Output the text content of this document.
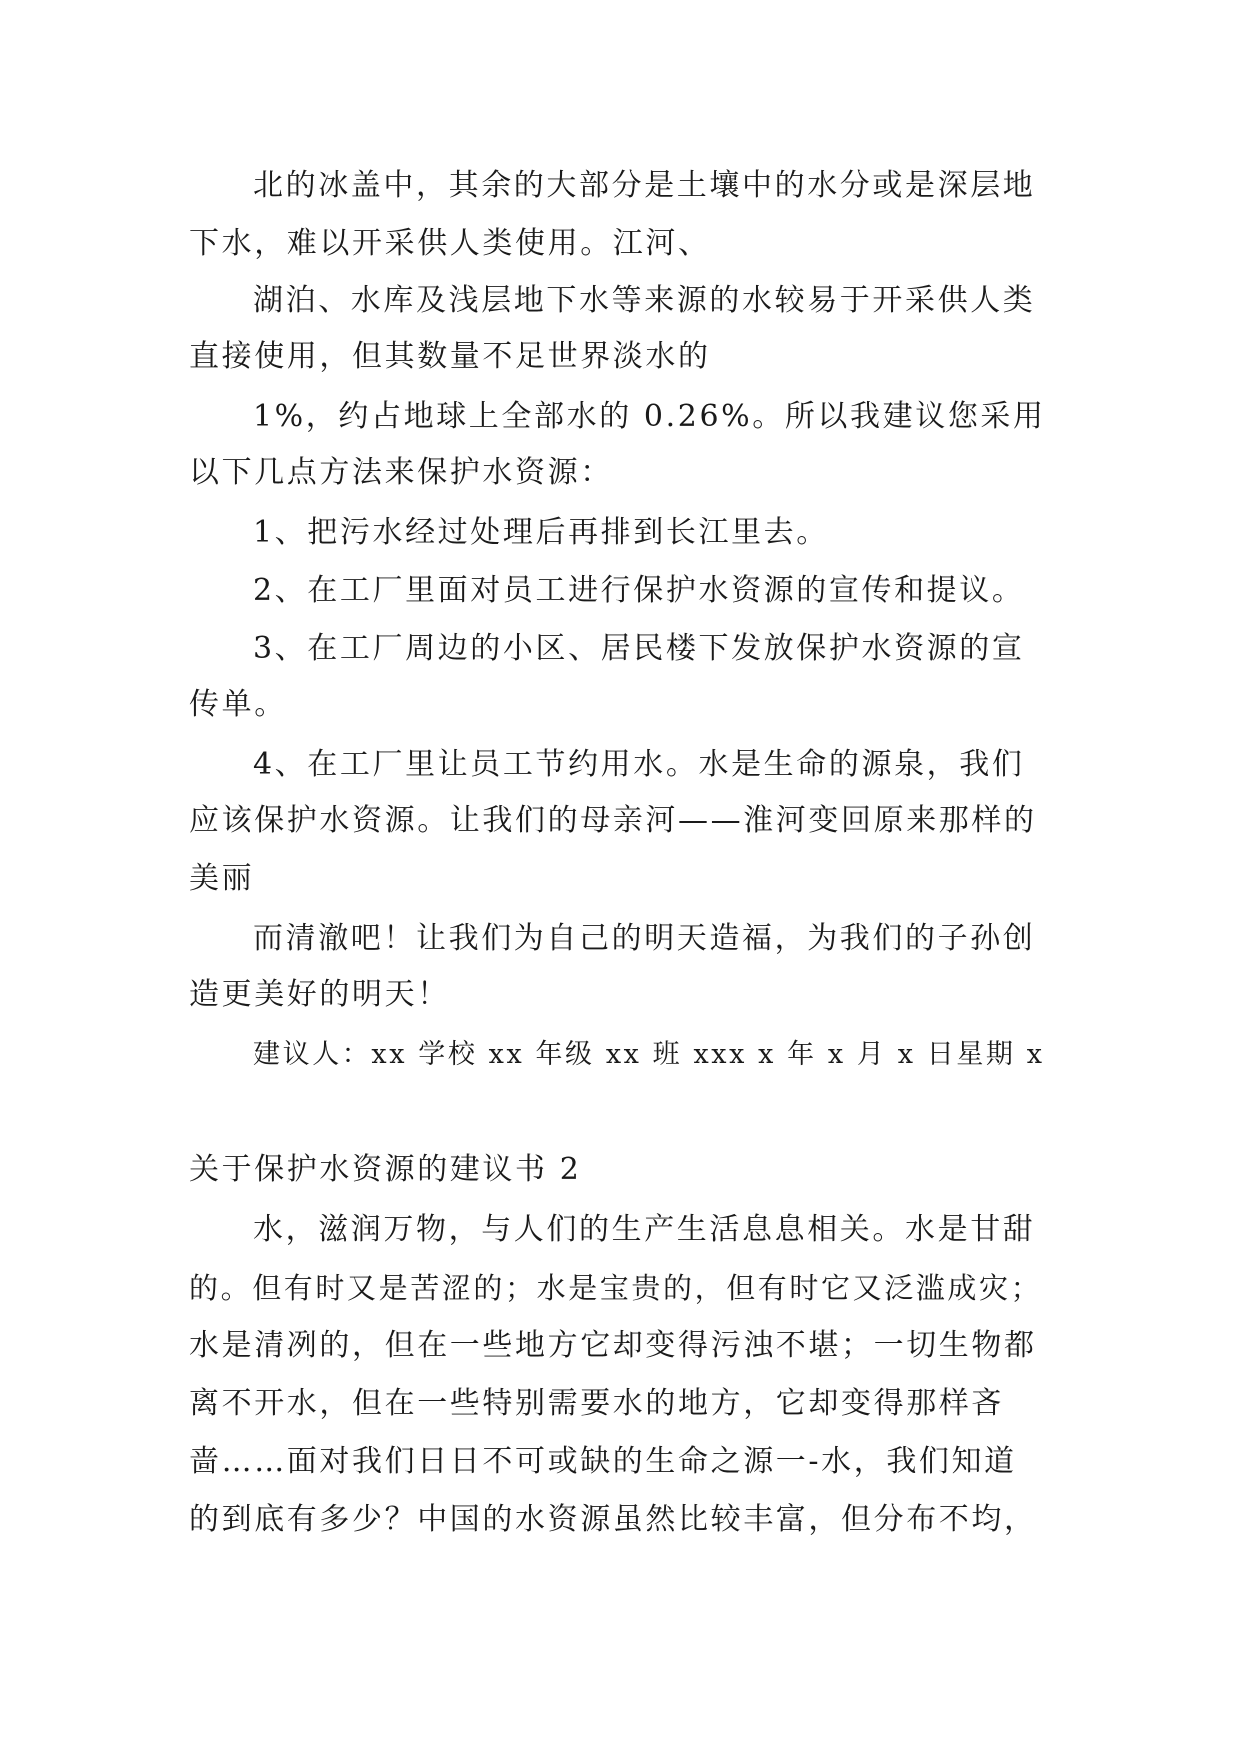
北的冰盖中，其余的大部分是土壤中的水分或是深层地
下水，难以开采供人类使用。江河、
湖泊、水库及浅层地下水等来源的水较易于开采供人类
直接使用，但其数量不足世界淡水的
1%，约占地球上全部水的 0.26%。所以我建议您采用
以下几点方法来保护水资源：
1、把污水经过处理后再排到长江里去。
2、在工厂里面对员工进行保护水资源的宣传和提议。
3、在工厂周边的小区、居民楼下发放保护水资源的宣
传单。
4、在工厂里让员工节约用水。水是生命的源泉，我们
应该保护水资源。让我们的母亲河——淮河变回原来那样的
美丽
而清澈吧！让我们为自己的明天造福，为我们的子孙创
造更美好的明天！
建议人：xx 学校 xx 年级 xx 班 xxx x 年 x 月 x 日星期 x
关于保护水资源的建议书 2
水，滋润万物，与人们的生产生活息息相关。水是甘甜
的。但有时又是苦涩的；水是宝贵的，但有时它又泛滥成灾；
水是清冽的，但在一些地方它却变得污浊不堪；一切生物都
离不开水，但在一些特别需要水的地方，它却变得那样吝
啬……面对我们日日不可或缺的生命之源一-水，我们知道
的到底有多少？中国的水资源虽然比较丰富，但分布不均，
